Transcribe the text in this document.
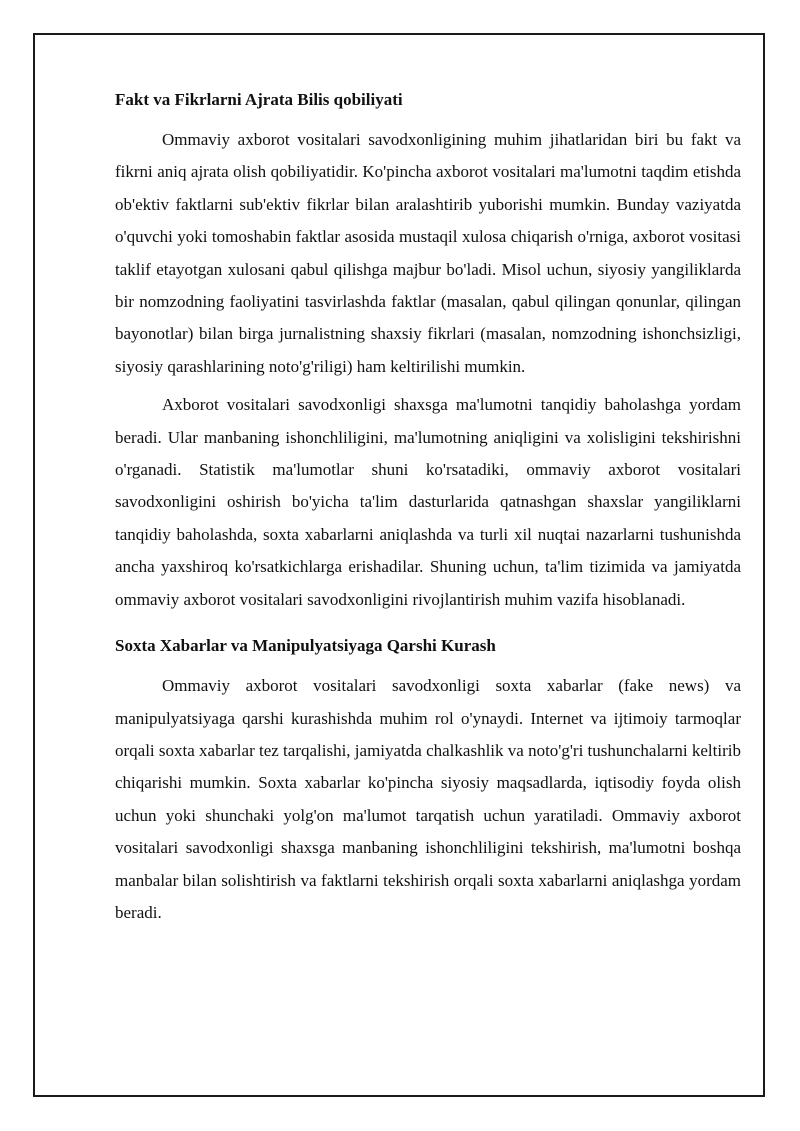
Fakt va Fikrlarni Ajrata Bilis qobiliyati

Ommaviy axborot vositalari savodxonligining muhim jihatlaridan biri bu fakt va fikrni aniq ajrata olish qobiliyatidir. Ko'pincha axborot vositalari ma'lumotni taqdim etishda ob'ektiv faktlarni sub'ektiv fikrlar bilan aralashtirib yuborishi mumkin. Bunday vaziyatda o'quvchi yoki tomoshabin faktlar asosida mustaqil xulosa chiqarish o'rniga, axborot vositasi taklif etayotgan xulosani qabul qilishga majbur bo'ladi. Misol uchun, siyosiy yangiliklarda bir nomzodning faoliyatini tasvirlashda faktlar (masalan, qabul qilingan qonunlar, qilingan bayonotlar) bilan birga jurnalistning shaxsiy fikrlari (masalan, nomzodning ishonchsizligi, siyosiy qarashlarining noto'g'riligi) ham keltirilishi mumkin.

Axborot vositalari savodxonligi shaxsga ma'lumotni tanqidiy baholashga yordam beradi. Ular manbaning ishonchliligini, ma'lumotning aniqligini va xolisligini tekshirishni o'rganadi. Statistik ma'lumotlar shuni ko'rsatadiki, ommaviy axborot vositalari savodxonligini oshirish bo'yicha ta'lim dasturlarida qatnashgan shaxslar yangiliklarni tanqidiy baholashda, soxta xabarlarni aniqlashda va turli xil nuqtai nazarlarni tushunishda ancha yaxshiroq ko'rsatkichlarga erishadilar. Shuning uchun, ta'lim tizimida va jamiyatda ommaviy axborot vositalari savodxonligini rivojlantirish muhim vazifa hisoblanadi.

Soxta Xabarlar va Manipulyatsiyaga Qarshi Kurash

Ommaviy axborot vositalari savodxonligi soxta xabarlar (fake news) va manipulyatsiyaga qarshi kurashishda muhim rol o'ynaydi. Internet va ijtimoiy tarmoqlar orqali soxta xabarlar tez tarqalishi, jamiyatda chalkashlik va noto'g'ri tushunchalarni keltirib chiqarishi mumkin. Soxta xabarlar ko'pincha siyosiy maqsadlarda, iqtisodiy foyda olish uchun yoki shunchaki yolg'on ma'lumot tarqatish uchun yaratiladi. Ommaviy axborot vositalari savodxonligi shaxsga manbaning ishonchliligini tekshirish, ma'lumotni boshqa manbalar bilan solishtirish va faktlarni tekshirish orqali soxta xabarlarni aniqlashga yordam beradi.
